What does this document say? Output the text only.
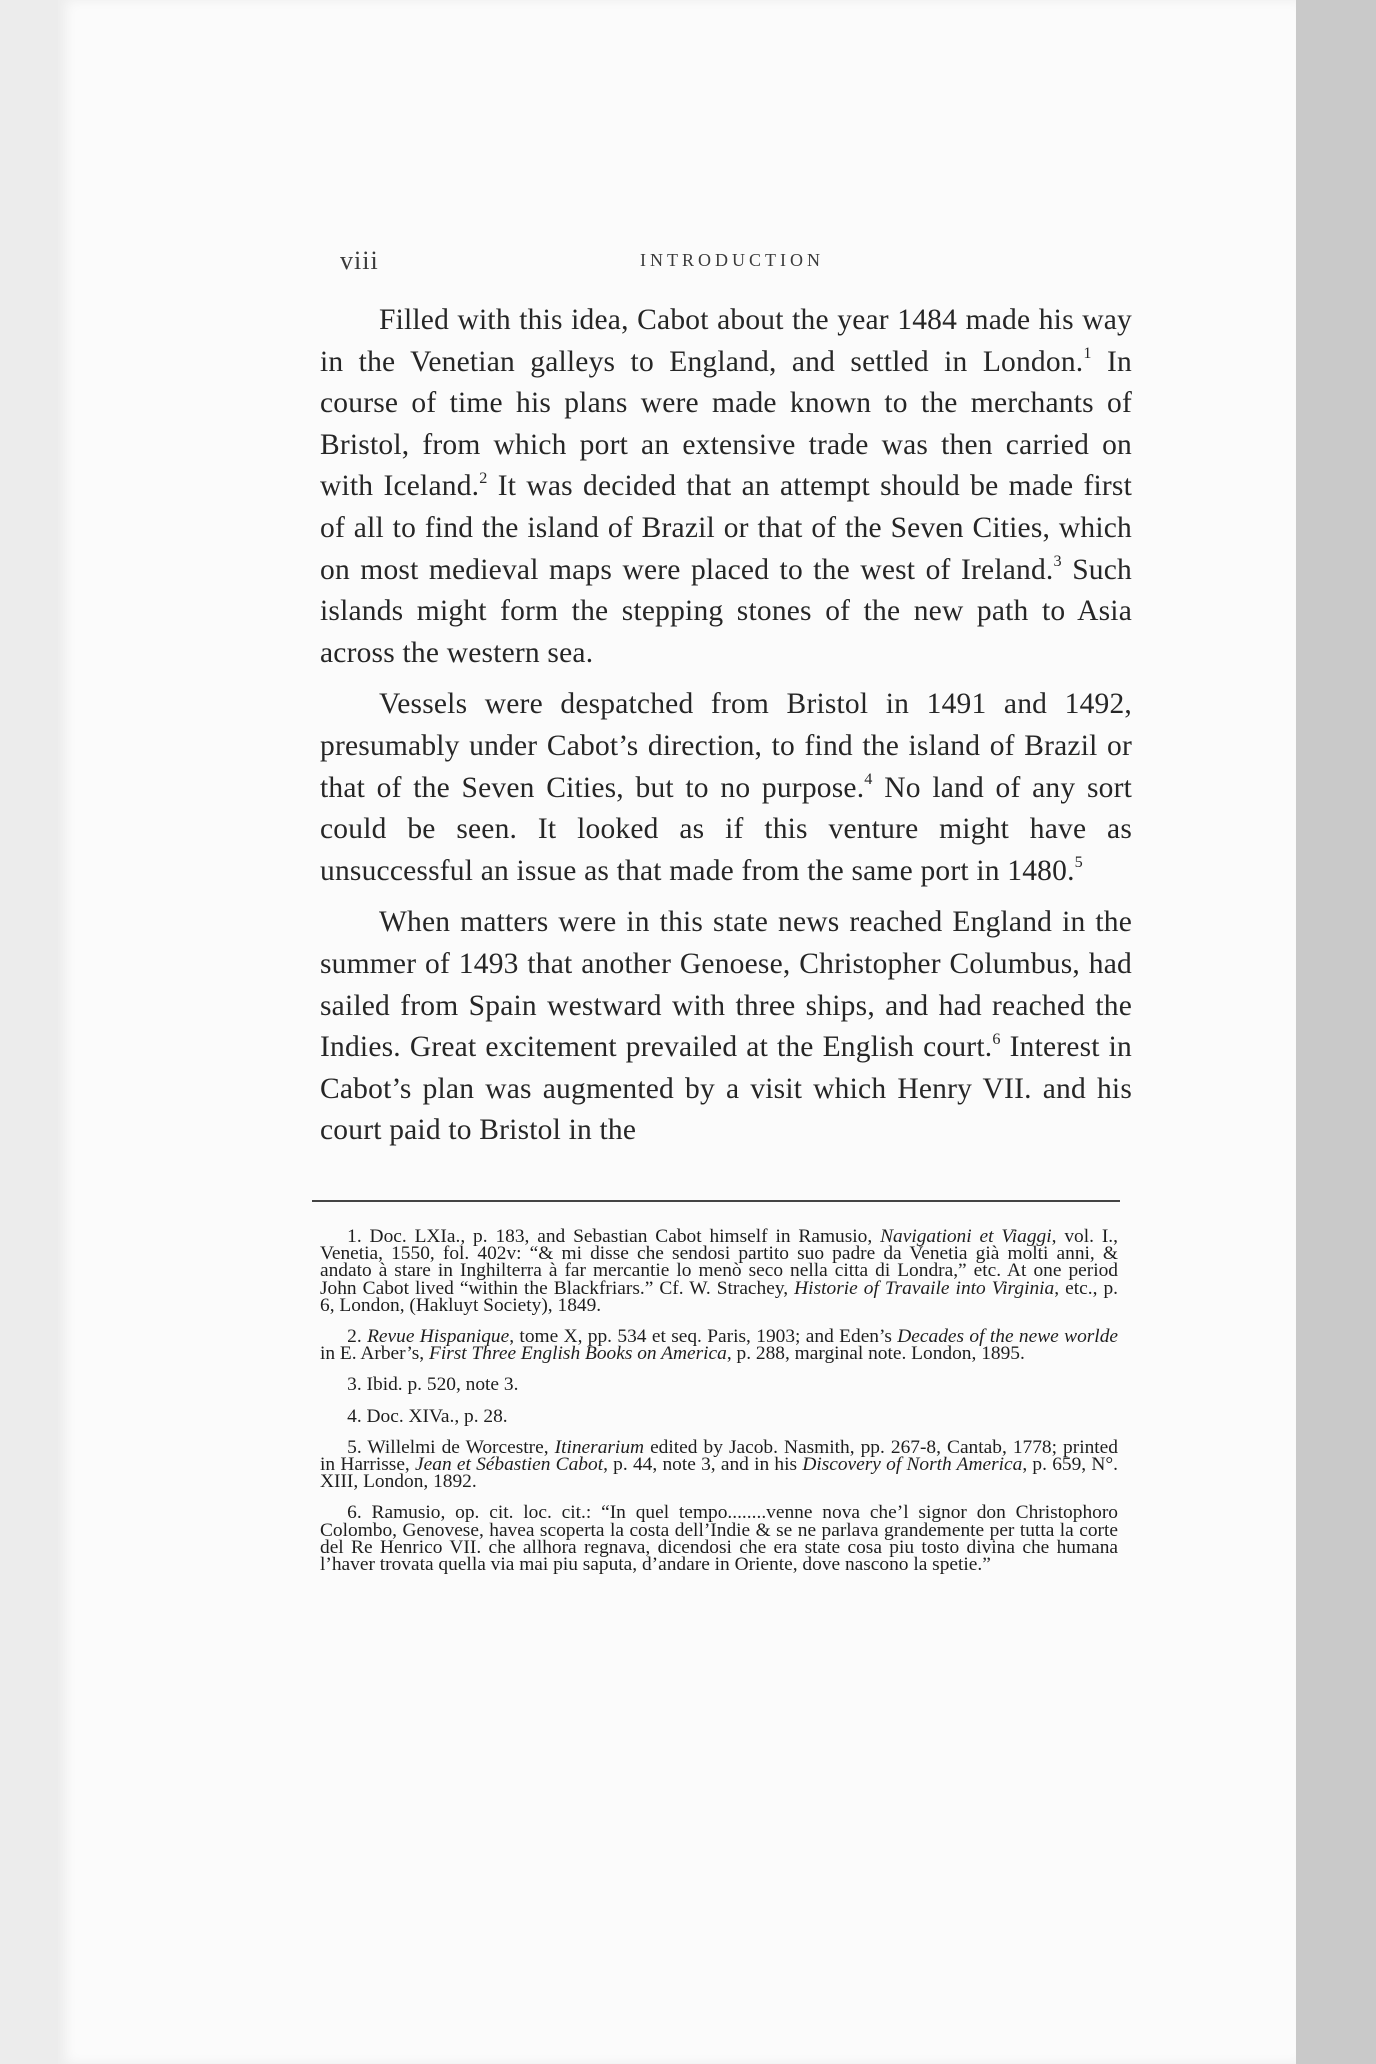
viii	INTRODUCTION

Filled with this idea, Cabot about the year 1484 made his way in the Venetian galleys to England, and settled in London.$^1$ In course of time his plans were made known to the merchants of Bristol, from which port an extensive trade was then carried on with Iceland.$^2$ It was decided that an attempt should be made first of all to find the island of Brazil or that of the Seven Cities, which on most medieval maps were placed to the west of Ireland.$^3$ Such islands might form the stepping stones of the new path to Asia across the western sea.

Vessels were despatched from Bristol in 1491 and 1492, presumably under Cabot’s direction, to find the island of Brazil or that of the Seven Cities, but to no purpose.$^4$ No land of any sort could be seen. It looked as if this venture might have as unsuccessful an issue as that made from the same port in 1480.$^5$

When matters were in this state news reached England in the summer of 1493 that another Genoese, Christopher Columbus, had sailed from Spain westward with three ships, and had reached the Indies. Great excitement prevailed at the English court.$^6$ Interest in Cabot’s plan was augmented by a visit which Henry VII. and his court paid to Bristol in the

1. Doc. LXIa., p. 183, and Sebastian Cabot himself in Ramusio, Navigationi et Viaggi, vol. I., Venetia, 1550, fol. 402v: “& mi disse che sendosi partito suo padre da Venetia già molti anni, & andato à stare in Inghilterra à far mercantie lo menò seco nella citta di Londra,” etc. At one period John Cabot lived “within the Blackfriars.” Cf. W. Strachey, Historie of Travaile into Virginia, etc., p. 6, London, (Hakluyt Society), 1849.
2. Revue Hispanique, tome X, pp. 534 et seq. Paris, 1903; and Eden’s Decades of the newe worlde in E. Arber’s, First Three English Books on America, p. 288, marginal note. London, 1895.
3. Ibid. p. 520, note 3.
4. Doc. XIVa., p. 28.
5. Willelmi de Worcestre, Itinerarium edited by Jacob. Nasmith, pp. 267-8, Cantab, 1778; printed in Harrisse, Jean et Sébastien Cabot, p. 44, note 3, and in his Discovery of North America, p. 659, N°. XIII, London, 1892.
6. Ramusio, op. cit. loc. cit.: “In quel tempo........venne nova che’l signor don Christophoro Colombo, Genovese, havea scoperta la costa dell’Indie & se ne parlava grandemente per tutta la corte del Re Henrico VII. che allhora regnava, dicendosi che era state cosa piu tosto divina che humana l’haver trovata quella via mai piu saputa, d’andare in Oriente, dove nascono la spetie.”
